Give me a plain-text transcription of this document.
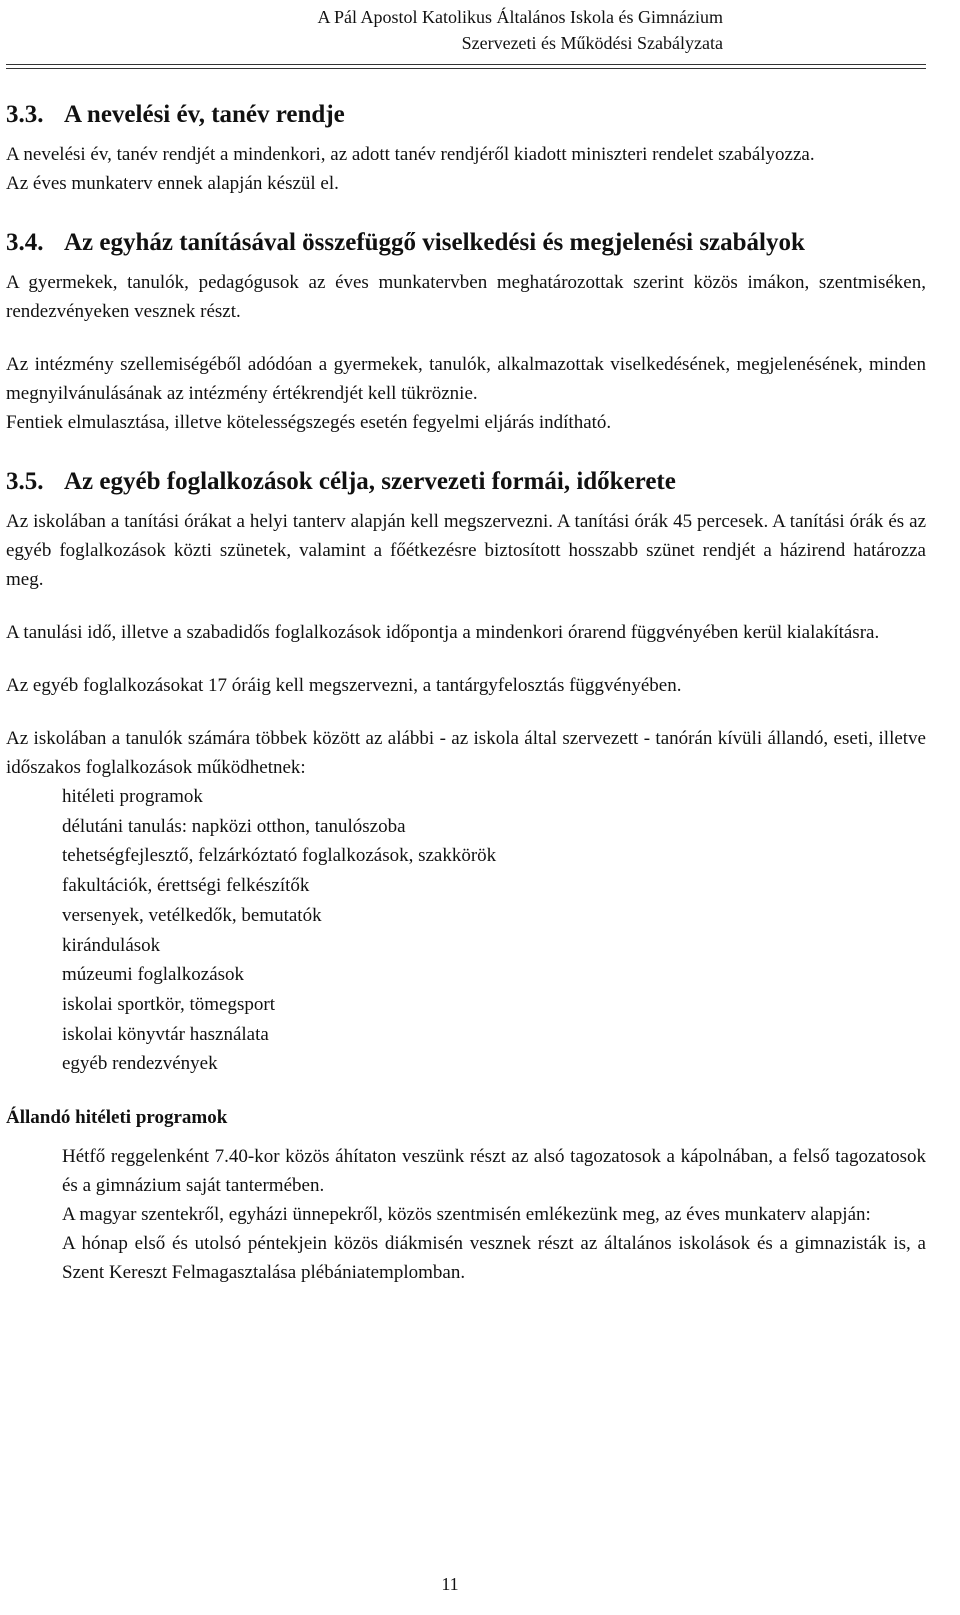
A Pál Apostol Katolikus Általános Iskola és Gimnázium
Szervezeti és Működési Szabályzata
3.3. A nevelési év, tanév rendje

A nevelési év, tanév rendjét a mindenkori, az adott tanév rendjéről kiadott miniszteri rendelet szabályozza.

Az éves munkaterv ennek alapján készül el.

3.4. Az egyház tanításával összefüggő viselkedési és megjelenési szabályok

A gyermekek, tanulók, pedagógusok az éves munkatervben meghatározottak szerint közös imákon, szentmiséken, rendezvényeken vesznek részt.

Az intézmény szellemiségéből adódóan a gyermekek, tanulók, alkalmazottak viselkedésének, megjelenésének, minden megnyilvánulásának az intézmény értékrendjét kell tükröznie.

Fentiek elmulasztása, illetve kötelességszegés esetén fegyelmi eljárás indítható.

3.5. Az egyéb foglalkozások célja, szervezeti formái, időkerete

Az iskolában a tanítási órákat a helyi tanterv alapján kell megszervezni. A tanítási órák 45 percesek. A tanítási órák és az egyéb foglalkozások közti szünetek, valamint a főétkezésre biztosított hosszabb szünet rendjét a házirend határozza meg.

A tanulási idő, illetve a szabadidős foglalkozások időpontja a mindenkori órarend függvényében kerül kialakításra.

Az egyéb foglalkozásokat 17 óráig kell megszervezni, a tantárgyfelosztás függvényében.

Az iskolában a tanulók számára többek között az alábbi - az iskola által szervezett - tanórán kívüli állandó, eseti, illetve időszakos foglalkozások működhetnek:

hitéleti programok
délutáni tanulás: napközi otthon, tanulószoba
tehetségfejlesztő, felzárkóztató foglalkozások, szakkörök
fakultációk, érettségi felkészítők
versenyek, vetélkedők, bemutatók
kirándulások
múzeumi foglalkozások
iskolai sportkör, tömegsport
iskolai könyvtár használata
egyéb rendezvények
Állandó hitéleti programok

Hétfő reggelenként 7.40-kor közös áhítaton veszünk részt az alsó tagozatosok a kápolnában, a felső tagozatosok és a gimnázium saját tantermében.

A magyar szentekről, egyházi ünnepekről, közös szentmisén emlékezünk meg, az éves munkaterv alapján:

A hónap első és utolsó péntekjein közös diákmisén vesznek részt az általános iskolások és a gimnazisták is, a Szent Kereszt Felmagasztalása plébániatemplomban.

11
